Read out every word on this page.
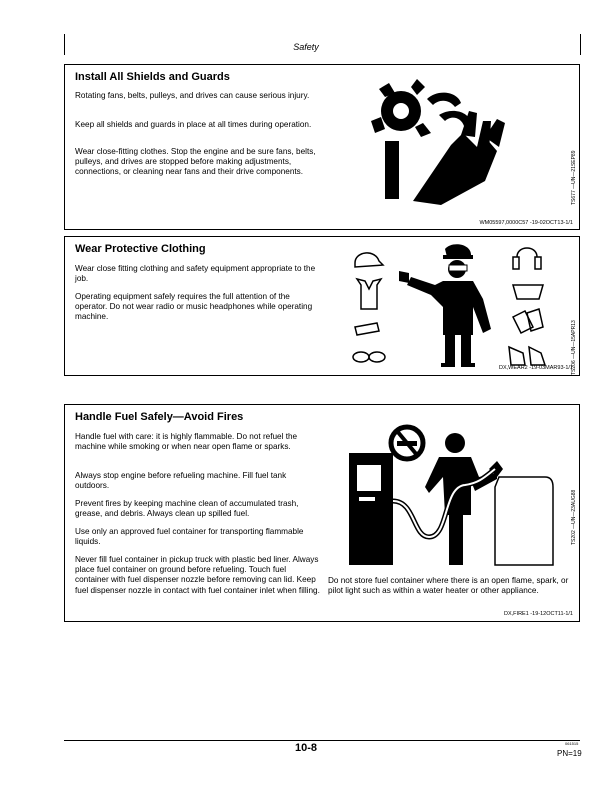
Safety
Install All Shields and Guards

Rotating fans, belts, pulleys, and drives can cause serious injury.

Keep all shields and guards in place at all times during operation.

Wear close-fitting clothes. Stop the engine and be sure fans, belts, pulleys, and drives are stopped before making adjustments, connections, or cleaning near fans and their drive components.	TS677 —UN—21SEP89
WM05597,0000C57 -19-02OCT13-1/1
Wear Protective Clothing

Wear close fitting clothing and safety equipment appropriate to the job.

Operating equipment safely requires the full attention of the operator. Do not wear radio or music headphones while operating machine.

TS206 —UN—15APR13
DX,WEAR2 -19-03MAR93-1/1
Handle Fuel Safely—Avoid Fires

Handle fuel with care: it is highly flammable. Do not refuel the machine while smoking or when near open flame or sparks.

Always stop engine before refueling machine. Fill fuel tank outdoors.

Prevent fires by keeping machine clean of accumulated trash, grease, and debris. Always clean up spilled fuel.

Use only an approved fuel container for transporting flammable liquids.

Never fill fuel container in pickup truck with plastic bed liner. Always place fuel container on ground before refueling. Touch fuel container with fuel dispenser nozzle before removing can lid. Keep fuel dispenser nozzle in contact with fuel container inlet when filling.

Do not store fuel container where there is an open flame, spark, or pilot light such as within a water heater or other appliance.

TS202 —UN—23AUG88
DX,FIRE1 -19-12OCT11-1/1
10-8	061515
PN=19
